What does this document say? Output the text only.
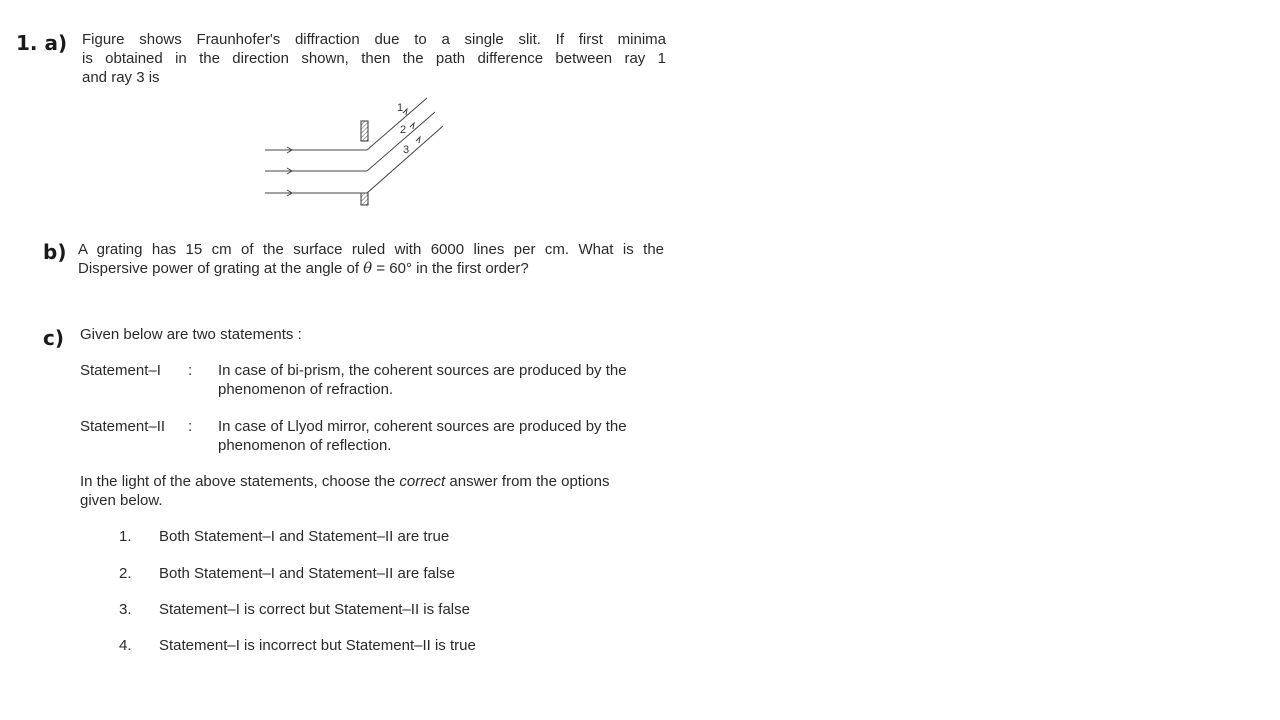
1. a) Figure shows Fraunhofer's diffraction due to a single slit. If first minima
is obtained in the direction shown, then the path difference between ray 1
and ray 3 is
1
2
3
b) A grating has 15 cm of the surface ruled with 6000 lines per cm. What is the
Dispersive power of grating at the angle of θ = 60° in the first order?
c) Given below are two statements :
Statement–I : In case of bi-prism, the coherent sources are produced by the
phenomenon of refraction.
Statement–II : In case of Llyod mirror, coherent sources are produced by the
phenomenon of reflection.
In the light of the above statements, choose the correct answer from the options
given below.
1. Both Statement–I and Statement–II are true
2. Both Statement–I and Statement–II are false
3. Statement–I is correct but Statement–II is false
4. Statement–I is incorrect but Statement–II is true
